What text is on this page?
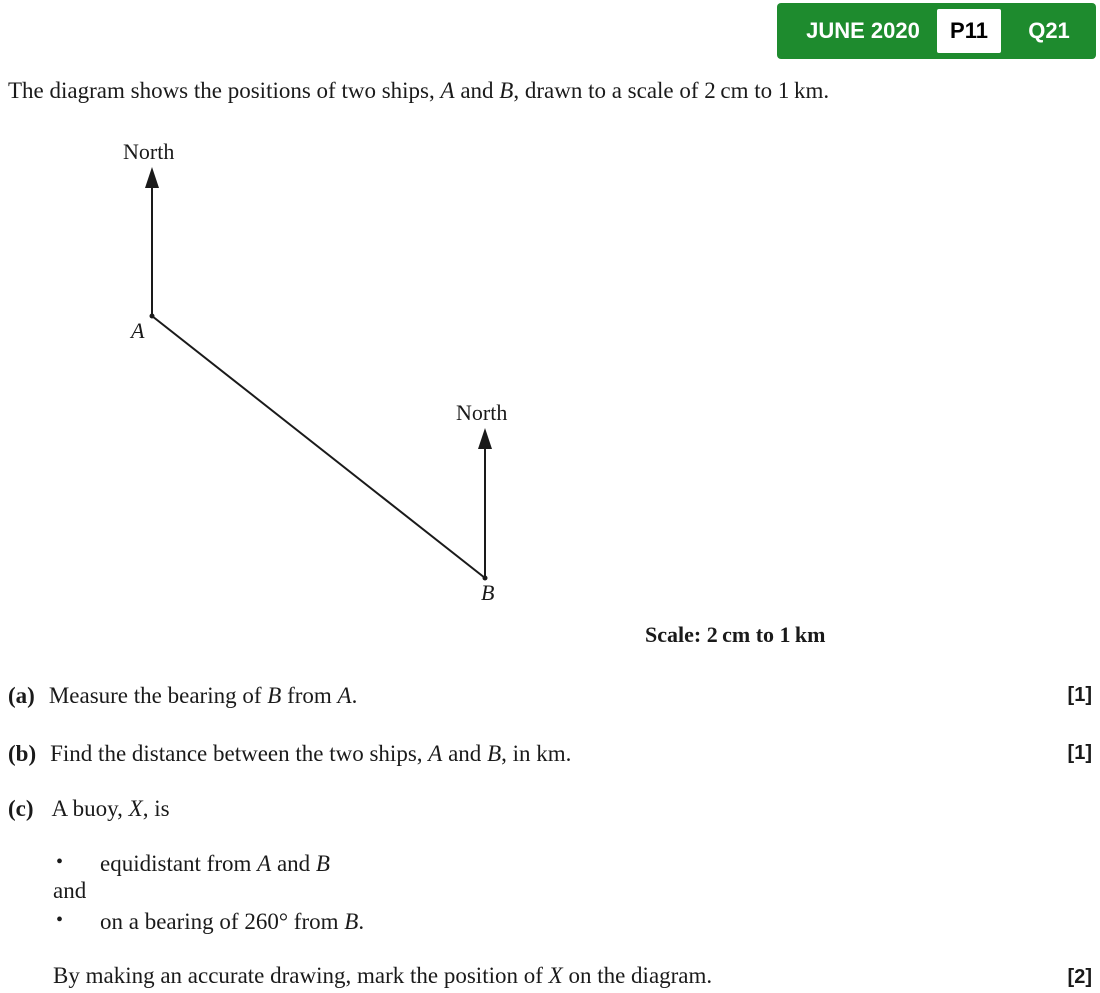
JUNE 2020	P11	Q21
The diagram shows the positions of two ships, A and B, drawn to a scale of 2 cm to 1 km.
North
A
North
B
Scale: 2 cm to 1 km
(a) Measure the bearing of B from A.	[1]
(b) Find the distance between the two ships, A and B, in km.	[1]
(c) A buoy, X, is
• equidistant from A and B
and
• on a bearing of 260° from B.
By making an accurate drawing, mark the position of X on the diagram.	[2]
